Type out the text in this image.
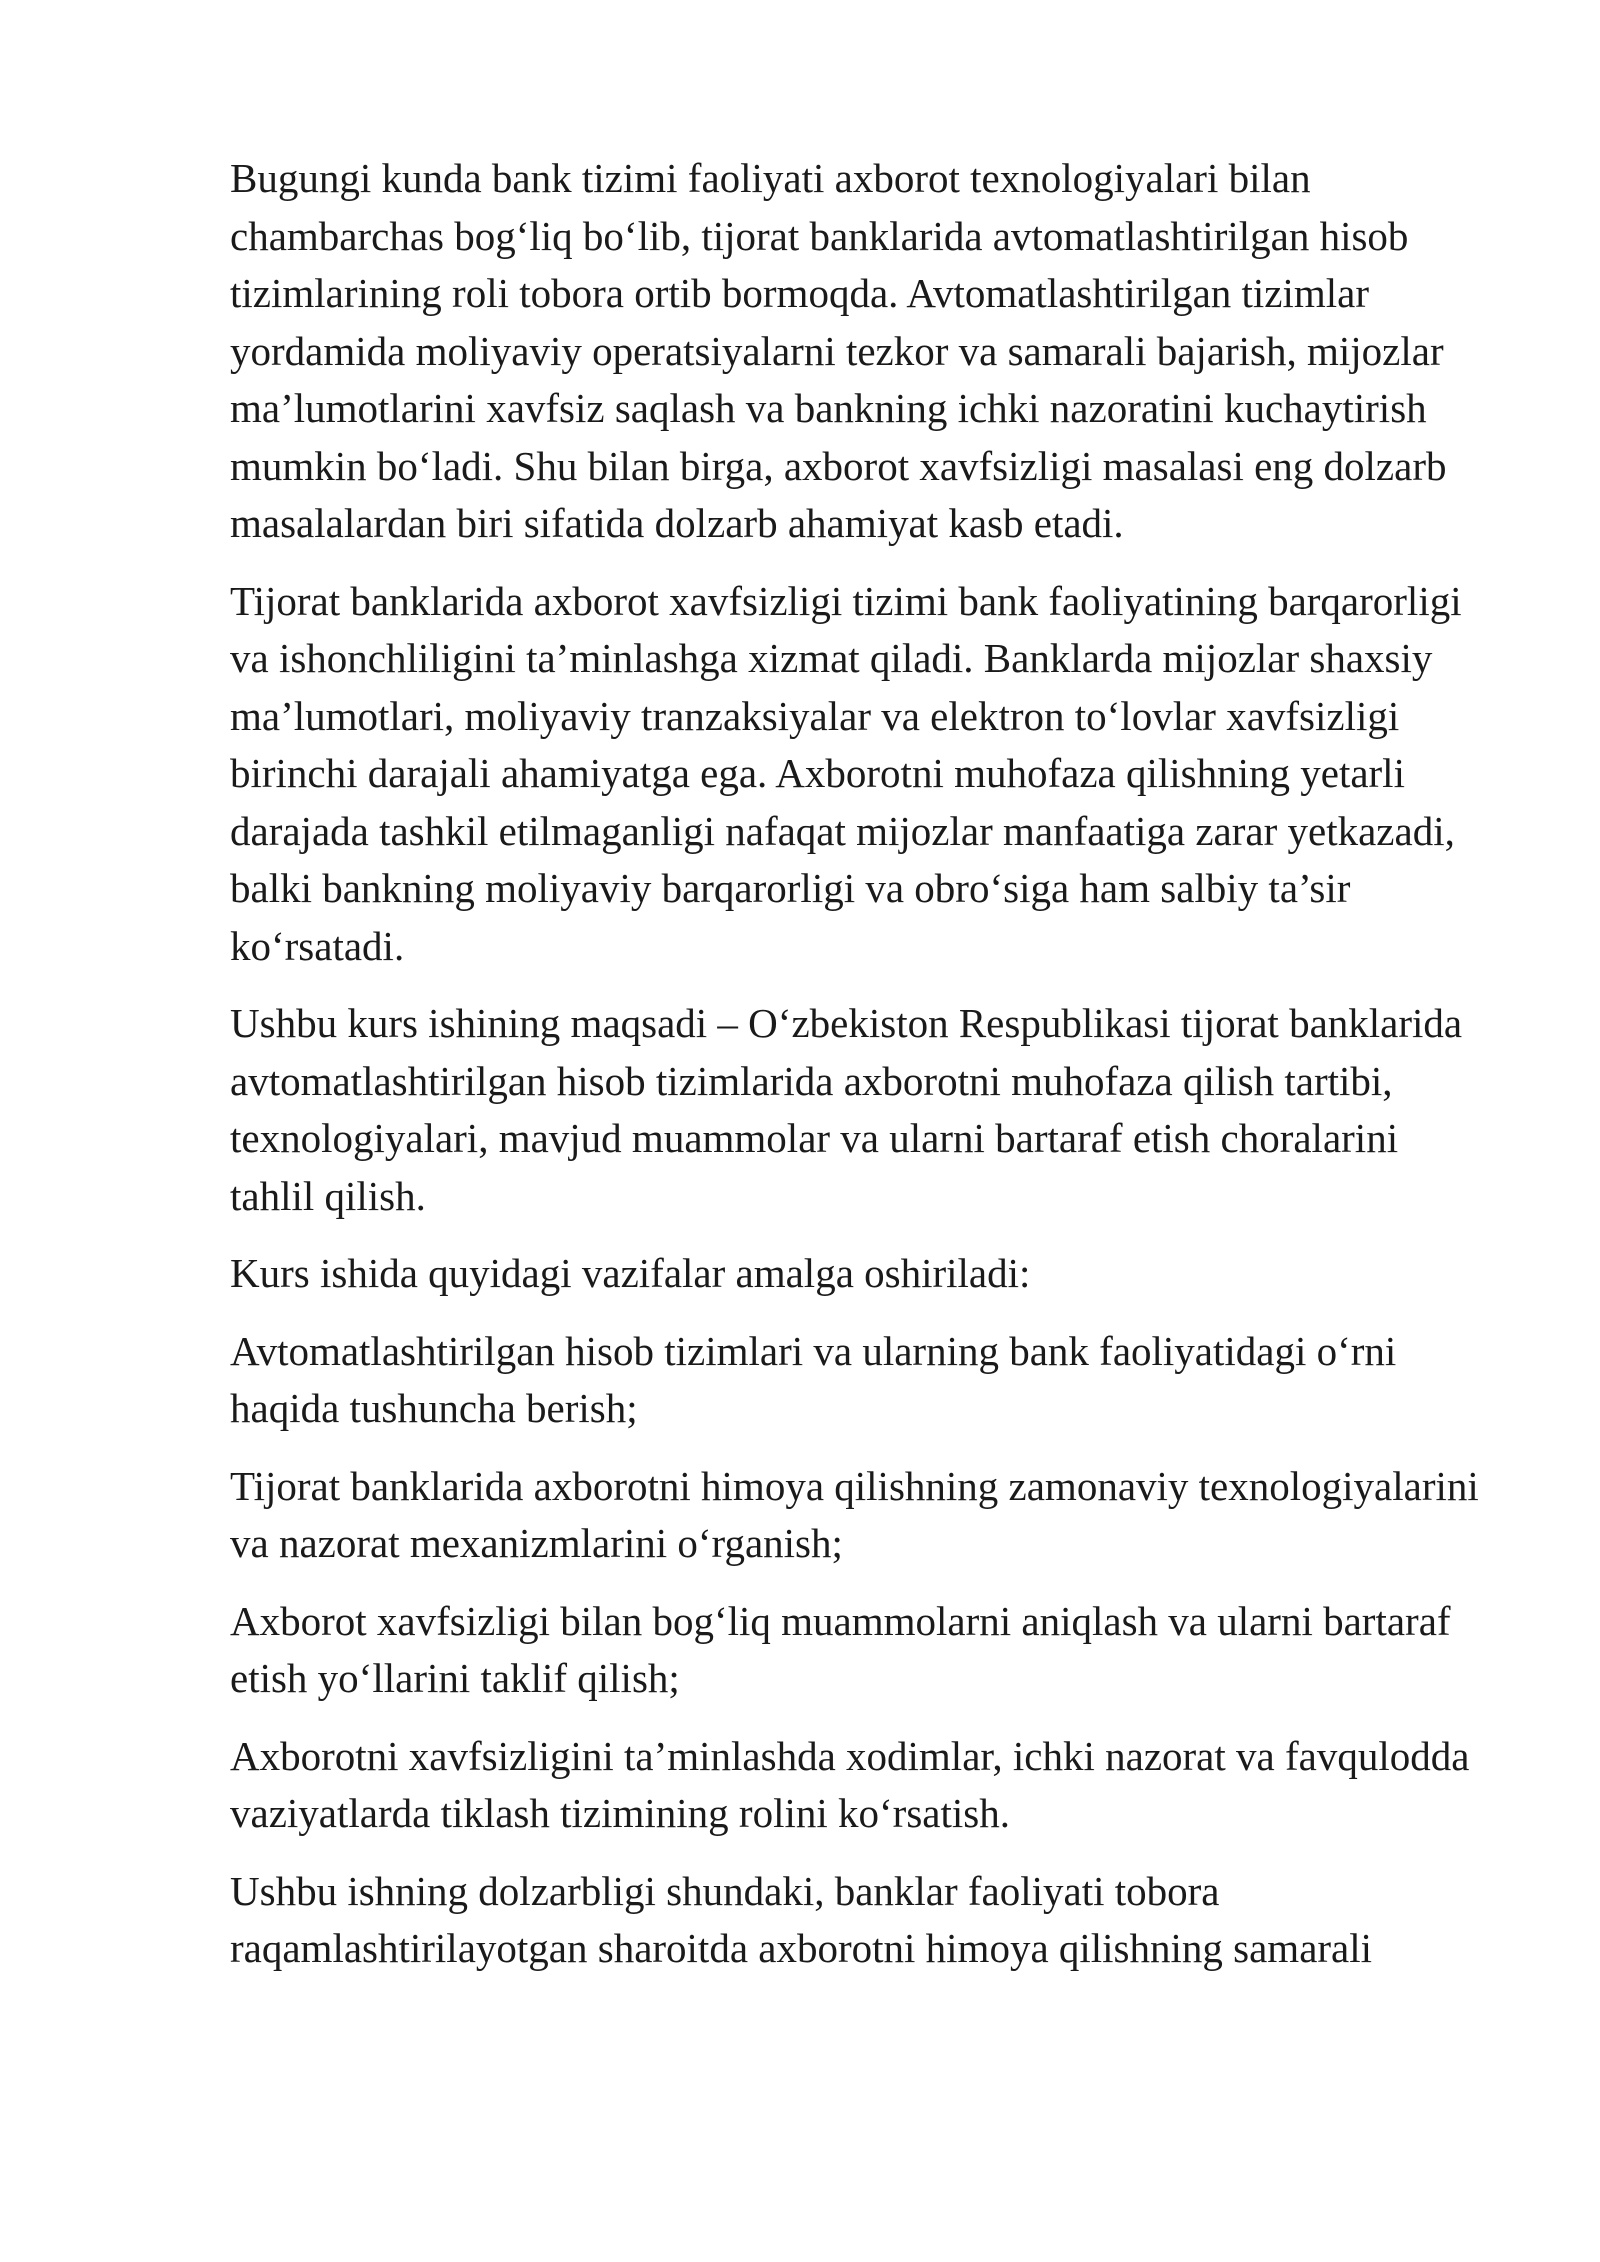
Bugungi kunda bank tizimi faoliyati axborot texnologiyalari bilan chambarchas bog‘liq bo‘lib, tijorat banklarida avtomatlashtirilgan hisob tizimlarining roli tobora ortib bormoqda. Avtomatlashtirilgan tizimlar yordamida moliyaviy operatsiyalarni tezkor va samarali bajarish, mijozlar ma’lumotlarini xavfsiz saqlash va bankning ichki nazoratini kuchaytirish mumkin bo‘ladi. Shu bilan birga, axborot xavfsizligi masalasi eng dolzarb masalalardan biri sifatida dolzarb ahamiyat kasb etadi.

Tijorat banklarida axborot xavfsizligi tizimi bank faoliyatining barqarorligi va ishonchliligini ta’minlashga xizmat qiladi. Banklarda mijozlar shaxsiy ma’lumotlari, moliyaviy tranzaksiyalar va elektron to‘lovlar xavfsizligi birinchi darajali ahamiyatga ega. Axborotni muhofaza qilishning yetarli darajada tashkil etilmaganligi nafaqat mijozlar manfaatiga zarar yetkazadi, balki bankning moliyaviy barqarorligi va obro‘siga ham salbiy ta’sir ko‘rsatadi.

Ushbu kurs ishining maqsadi – O‘zbekiston Respublikasi tijorat banklarida avtomatlashtirilgan hisob tizimlarida axborotni muhofaza qilish tartibi, texnologiyalari, mavjud muammolar va ularni bartaraf etish choralarini tahlil qilish.

Kurs ishida quyidagi vazifalar amalga oshiriladi:

Avtomatlashtirilgan hisob tizimlari va ularning bank faoliyatidagi o‘rni haqida tushuncha berish;

Tijorat banklarida axborotni himoya qilishning zamonaviy texnologiyalarini va nazorat mexanizmlarini o‘rganish;

Axborot xavfsizligi bilan bog‘liq muammolarni aniqlash va ularni bartaraf etish yo‘llarini taklif qilish;

Axborotni xavfsizligini ta’minlashda xodimlar, ichki nazorat va favqulodda vaziyatlarda tiklash tizimining rolini ko‘rsatish.

Ushbu ishning dolzarbligi shundaki, banklar faoliyati tobora raqamlashtirilayotgan sharoitda axborotni himoya qilishning samarali
